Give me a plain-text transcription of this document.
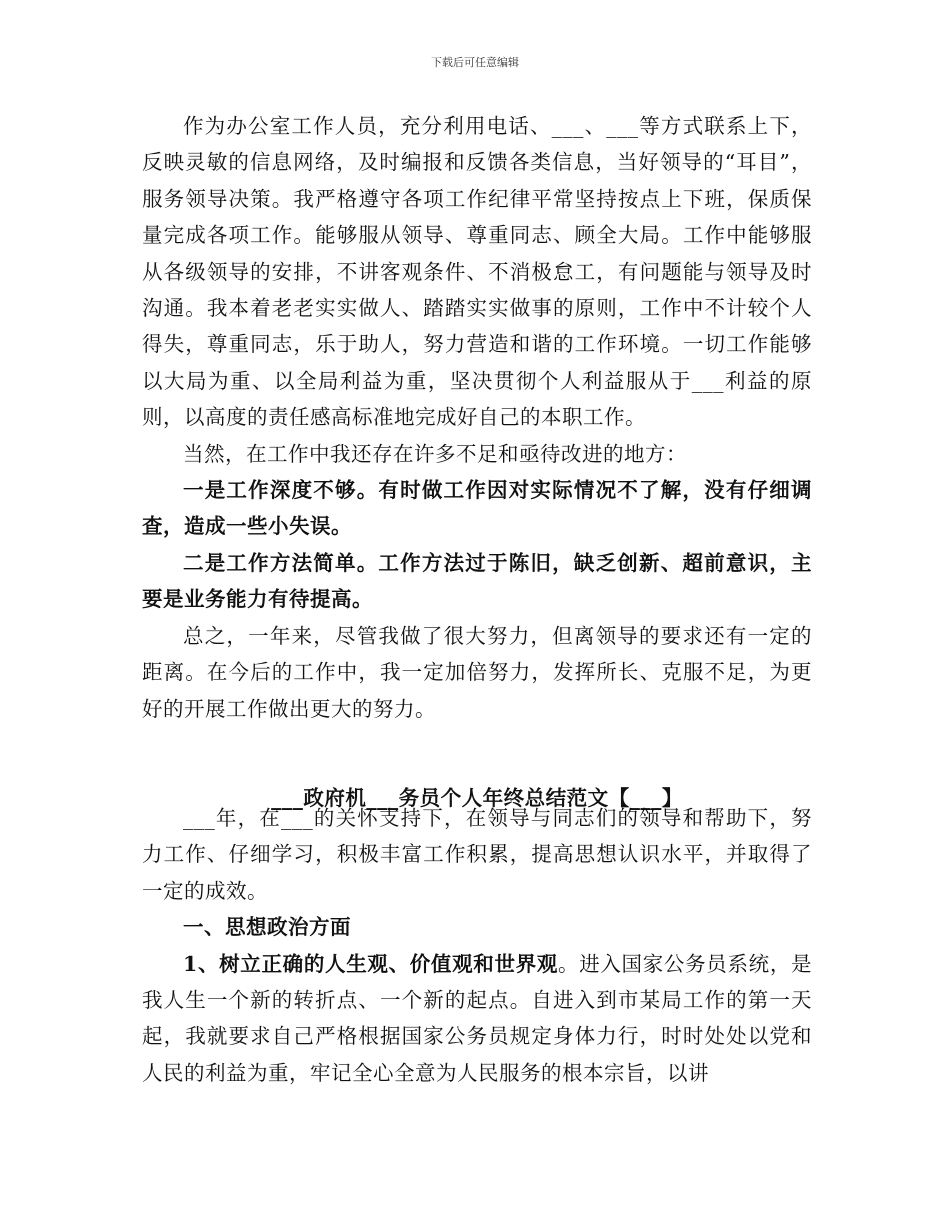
下载后可任意编辑

作为办公室工作人员，充分利用电话、___、___等方式联系上下，反映灵敏的信息网络，及时编报和反馈各类信息，当好领导的“耳目”，服务领导决策。我严格遵守各项工作纪律平常坚持按点上下班，保质保量完成各项工作。能够服从领导、尊重同志、顾全大局。工作中能够服从各级领导的安排，不讲客观条件、不消极怠工，有问题能与领导及时沟通。我本着老老实实做人、踏踏实实做事的原则，工作中不计较个人得失，尊重同志，乐于助人，努力营造和谐的工作环境。一切工作能够以大局为重、以全局利益为重，坚决贯彻个人利益服从于___利益的原则，以高度的责任感高标准地完成好自己的本职工作。

当然，在工作中我还存在许多不足和亟待改进的地方：

一是工作深度不够。有时做工作因对实际情况不了解，没有仔细调查，造成一些小失误。

二是工作方法简单。工作方法过于陈旧，缺乏创新、超前意识，主要是业务能力有待提高。

总之，一年来，尽管我做了很大努力，但离领导的要求还有一定的距离。在今后的工作中，我一定加倍努力，发挥所长、克服不足，为更好的开展工作做出更大的努力。

___政府机___务员个人年终总结范文【___】

___年，在___的关怀支持下，在领导与同志们的领导和帮助下，努力工作、仔细学习，积极丰富工作积累，提高思想认识水平，并取得了一定的成效。

一、思想政治方面

1、树立正确的人生观、价值观和世界观。进入国家公务员系统，是我人生一个新的转折点、一个新的起点。自进入到市某局工作的第一天起，我就要求自己严格根据国家公务员规定身体力行，时时处处以党和人民的利益为重，牢记全心全意为人民服务的根本宗旨，以讲
